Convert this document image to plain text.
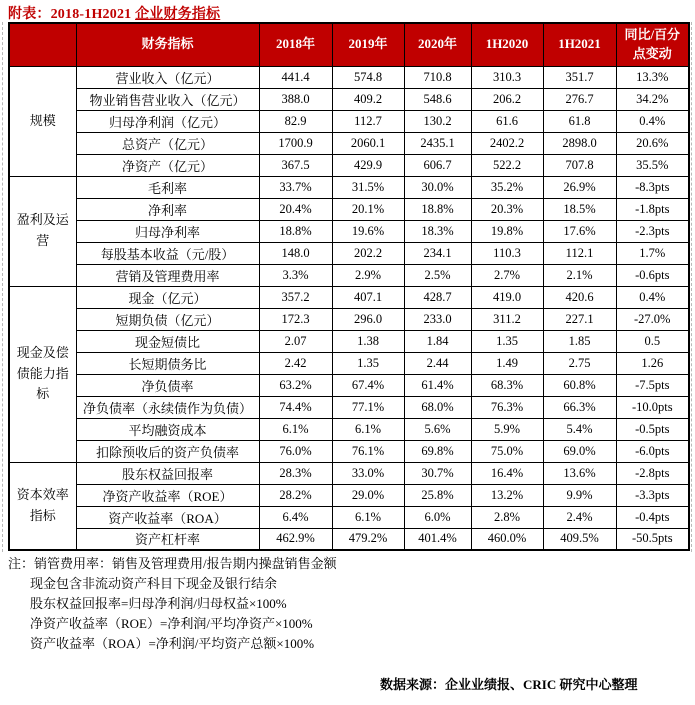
附表：2018-1H2021 企业财务指标
	财务指标	2018年	2019年	2020年	1H2020	1H2021	同比/百分点变动
规模	营业收入（亿元）	441.4	574.8	710.8	310.3	351.7	13.3%
	物业销售营业收入（亿元）	388.0	409.2	548.6	206.2	276.7	34.2%
	归母净利润（亿元）	82.9	112.7	130.2	61.6	61.8	0.4%
	总资产（亿元）	1700.9	2060.1	2435.1	2402.2	2898.0	20.6%
	净资产（亿元）	367.5	429.9	606.7	522.2	707.8	35.5%
盈利及运营	毛利率	33.7%	31.5%	30.0%	35.2%	26.9%	-8.3pts
	净利率	20.4%	20.1%	18.8%	20.3%	18.5%	-1.8pts
	归母净利率	18.8%	19.6%	18.3%	19.8%	17.6%	-2.3pts
	每股基本收益（元/股）	148.0	202.2	234.1	110.3	112.1	1.7%
	营销及管理费用率	3.3%	2.9%	2.5%	2.7%	2.1%	-0.6pts
现金及偿债能力指标	现金（亿元）	357.2	407.1	428.7	419.0	420.6	0.4%
	短期负债（亿元）	172.3	296.0	233.0	311.2	227.1	-27.0%
	现金短债比	2.07	1.38	1.84	1.35	1.85	0.5
	长短期债务比	2.42	1.35	2.44	1.49	2.75	1.26
	净负债率	63.2%	67.4%	61.4%	68.3%	60.8%	-7.5pts
	净负债率（永续债作为负债）	74.4%	77.1%	68.0%	76.3%	66.3%	-10.0pts
	平均融资成本	6.1%	6.1%	5.6%	5.9%	5.4%	-0.5pts
	扣除预收后的资产负债率	76.0%	76.1%	69.8%	75.0%	69.0%	-6.0pts
资本效率指标	股东权益回报率	28.3%	33.0%	30.7%	16.4%	13.6%	-2.8pts
	净资产收益率（ROE）	28.2%	29.0%	25.8%	13.2%	9.9%	-3.3pts
	资产收益率（ROA）	6.4%	6.1%	6.0%	2.8%	2.4%	-0.4pts
	资产杠杆率	462.9%	479.2%	401.4%	460.0%	409.5%	-50.5pts
注：销管费用率：销售及管理费用/报告期内操盘销售金额
现金包含非流动资产科目下现金及银行结余
股东权益回报率=归母净利润/归母权益×100%
净资产收益率（ROE）=净利润/平均净资产×100%
资产收益率（ROA）=净利润/平均资产总额×100%
数据来源：企业业绩报、CRIC 研究中心整理
